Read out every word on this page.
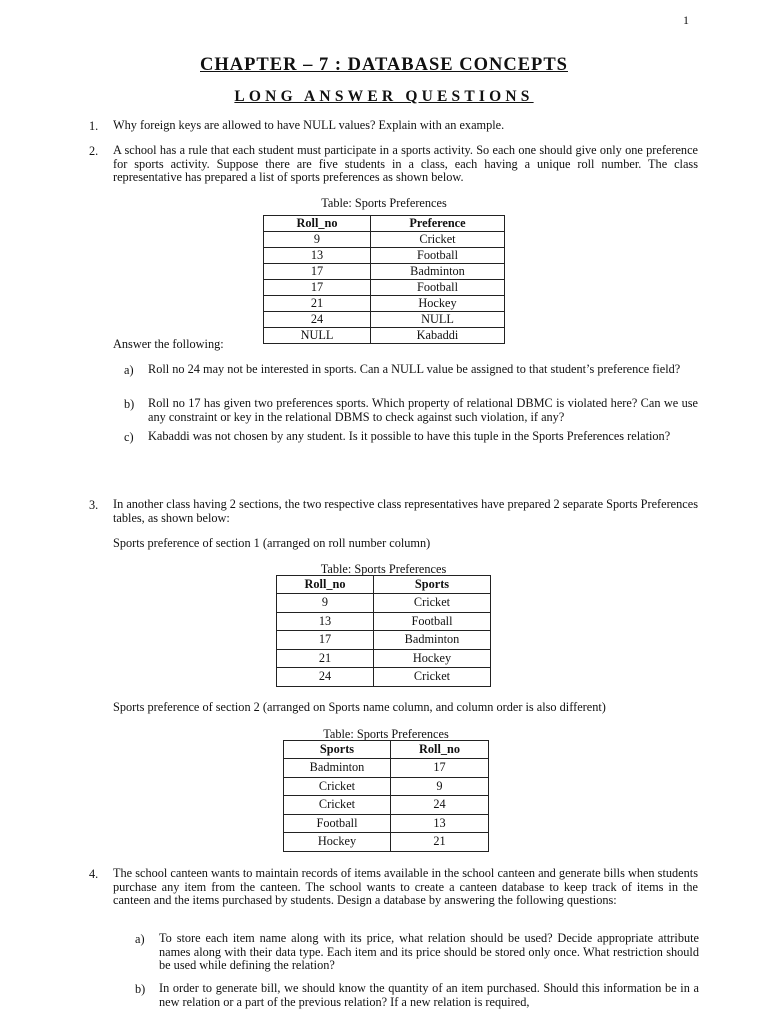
1
CHAPTER – 7 : DATABASE CONCEPTS
LONG ANSWER QUESTIONS
1. Why foreign keys are allowed to have NULL values? Explain with an example.
2. A school has a rule that each student must participate in a sports activity. So each one should give only one preference for sports activity. Suppose there are five students in a class, each having a unique roll number. The class representative has prepared a list of sports preferences as shown below.
Table: Sports Preferences
Roll_no	Preference
9	Cricket
13	Football
17	Badminton
17	Football
21	Hockey
24	NULL
NULL	Kabaddi
Answer the following:
a) Roll no 24 may not be interested in sports. Can a NULL value be assigned to that student’s preference field?
b) Roll no 17 has given two preferences sports. Which property of relational DBMC is violated here? Can we use any constraint or key in the relational DBMS to check against such violation, if any?
c) Kabaddi was not chosen by any student. Is it possible to have this tuple in the Sports Preferences relation?
3. In another class having 2 sections, the two respective class representatives have prepared 2 separate Sports Preferences tables, as shown below:
Sports preference of section 1 (arranged on roll number column)
Table: Sports Preferences
Roll_no	Sports
9	Cricket
13	Football
17	Badminton
21	Hockey
24	Cricket
Sports preference of section 2 (arranged on Sports name column, and column order is also different)
Table: Sports Preferences
Sports	Roll_no
Badminton	17
Cricket	9
Cricket	24
Football	13
Hockey	21
4. The school canteen wants to maintain records of items available in the school canteen and generate bills when students purchase any item from the canteen. The school wants to create a canteen database to keep track of items in the canteen and the items purchased by students. Design a database by answering the following questions:
a) To store each item name along with its price, what relation should be used? Decide appropriate attribute names along with their data type. Each item and its price should be stored only once. What restriction should be used while defining the relation?
b) In order to generate bill, we should know the quantity of an item purchased. Should this information be in a new relation or a part of the previous relation? If a new relation is required,
